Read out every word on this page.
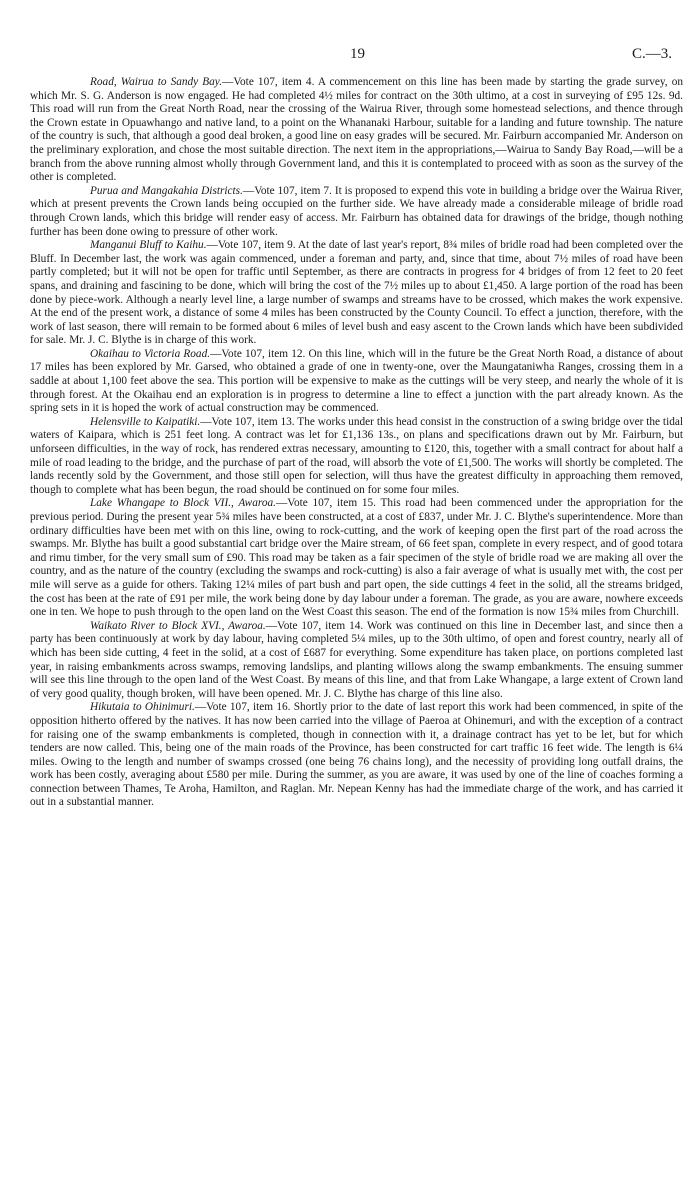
19	C.—3.

Road, Wairua to Sandy Bay.—Vote 107, item 4. A commencement on this line has been made by starting the grade survey, on which Mr. S. G. Anderson is now engaged. He had completed 4½ miles for contract on the 30th ultimo, at a cost in surveying of £95 12s. 9d. This road will run from the Great North Road, near the crossing of the Wairua River, through some homestead selections, and thence through the Crown estate in Opuawhango and native land, to a point on the Whananaki Harbour, suitable for a landing and future township. The nature of the country is such, that although a good deal broken, a good line on easy grades will be secured. Mr. Fairburn accompanied Mr. Anderson on the preliminary exploration, and chose the most suitable direction. The next item in the appropriations,—Wairua to Sandy Bay Road,—will be a branch from the above running almost wholly through Government land, and this it is contemplated to proceed with as soon as the survey of the other is completed.

Purua and Mangakahia Districts.—Vote 107, item 7. It is proposed to expend this vote in building a bridge over the Wairua River, which at present prevents the Crown lands being occupied on the further side. We have already made a considerable mileage of bridle road through Crown lands, which this bridge will render easy of access. Mr. Fairburn has obtained data for drawings of the bridge, though nothing further has been done owing to pressure of other work.

Manganui Bluff to Kaihu.—Vote 107, item 9. At the date of last year's report, 8¾ miles of bridle road had been completed over the Bluff. In December last, the work was again commenced, under a foreman and party, and, since that time, about 7½ miles of road have been partly completed; but it will not be open for traffic until September, as there are contracts in progress for 4 bridges of from 12 feet to 20 feet spans, and draining and fascining to be done, which will bring the cost of the 7½ miles up to about £1,450. A large portion of the road has been done by piece-work. Although a nearly level line, a large number of swamps and streams have to be crossed, which makes the work expensive. At the end of the present work, a distance of some 4 miles has been constructed by the County Council. To effect a junction, therefore, with the work of last season, there will remain to be formed about 6 miles of level bush and easy ascent to the Crown lands which have been subdivided for sale. Mr. J. C. Blythe is in charge of this work.

Okaihau to Victoria Road.—Vote 107, item 12. On this line, which will in the future be the Great North Road, a distance of about 17 miles has been explored by Mr. Garsed, who obtained a grade of one in twenty-one, over the Maungataniwha Ranges, crossing them in a saddle at about 1,100 feet above the sea. This portion will be expensive to make as the cuttings will be very steep, and nearly the whole of it is through forest. At the Okaihau end an exploration is in progress to determine a line to effect a junction with the part already known. As the spring sets in it is hoped the work of actual construction may be commenced.

Helensville to Kaipatiki.—Vote 107, item 13. The works under this head consist in the construction of a swing bridge over the tidal waters of Kaipara, which is 251 feet long. A contract was let for £1,136 13s., on plans and specifications drawn out by Mr. Fairburn, but unforseen difficulties, in the way of rock, has rendered extras necessary, amounting to £120, this, together with a small contract for about half a mile of road leading to the bridge, and the purchase of part of the road, will absorb the vote of £1,500. The works will shortly be completed. The lands recently sold by the Government, and those still open for selection, will thus have the greatest difficulty in approaching them removed, though to complete what has been begun, the road should be continued on for some four miles.

Lake Whangape to Block VII., Awaroa.—Vote 107, item 15. This road had been commenced under the appropriation for the previous period. During the present year 5¾ miles have been constructed, at a cost of £837, under Mr. J. C. Blythe's superintendence. More than ordinary difficulties have been met with on this line, owing to rock-cutting, and the work of keeping open the first part of the road across the swamps. Mr. Blythe has built a good substantial cart bridge over the Maire stream, of 66 feet span, complete in every respect, and of good totara and rimu timber, for the very small sum of £90. This road may be taken as a fair specimen of the style of bridle road we are making all over the country, and as the nature of the country (excluding the swamps and rock-cutting) is also a fair average of what is usually met with, the cost per mile will serve as a guide for others. Taking 12¼ miles of part bush and part open, the side cuttings 4 feet in the solid, all the streams bridged, the cost has been at the rate of £91 per mile, the work being done by day labour under a foreman. The grade, as you are aware, nowhere exceeds one in ten. We hope to push through to the open land on the West Coast this season. The end of the formation is now 15¾ miles from Churchill.

Waikato River to Block XVI., Awaroa.—Vote 107, item 14. Work was continued on this line in December last, and since then a party has been continuously at work by day labour, having completed 5¼ miles, up to the 30th ultimo, of open and forest country, nearly all of which has been side cutting, 4 feet in the solid, at a cost of £687 for everything. Some expenditure has taken place, on portions completed last year, in raising embankments across swamps, removing landslips, and planting willows along the swamp embankments. The ensuing summer will see this line through to the open land of the West Coast. By means of this line, and that from Lake Whangape, a large extent of Crown land of very good quality, though broken, will have been opened. Mr. J. C. Blythe has charge of this line also.

Hikutaia to Ohinimuri.—Vote 107, item 16. Shortly prior to the date of last report this work had been commenced, in spite of the opposition hitherto offered by the natives. It has now been carried into the village of Paeroa at Ohinemuri, and with the exception of a contract for raising one of the swamp embankments is completed, though in connection with it, a drainage contract has yet to be let, but for which tenders are now called. This, being one of the main roads of the Province, has been constructed for cart traffic 16 feet wide. The length is 6¼ miles. Owing to the length and number of swamps crossed (one being 76 chains long), and the necessity of providing long outfall drains, the work has been costly, averaging about £580 per mile. During the summer, as you are aware, it was used by one of the line of coaches forming a connection between Thames, Te Aroha, Hamilton, and Raglan. Mr. Nepean Kenny has had the immediate charge of the work, and has carried it out in a substantial manner.
